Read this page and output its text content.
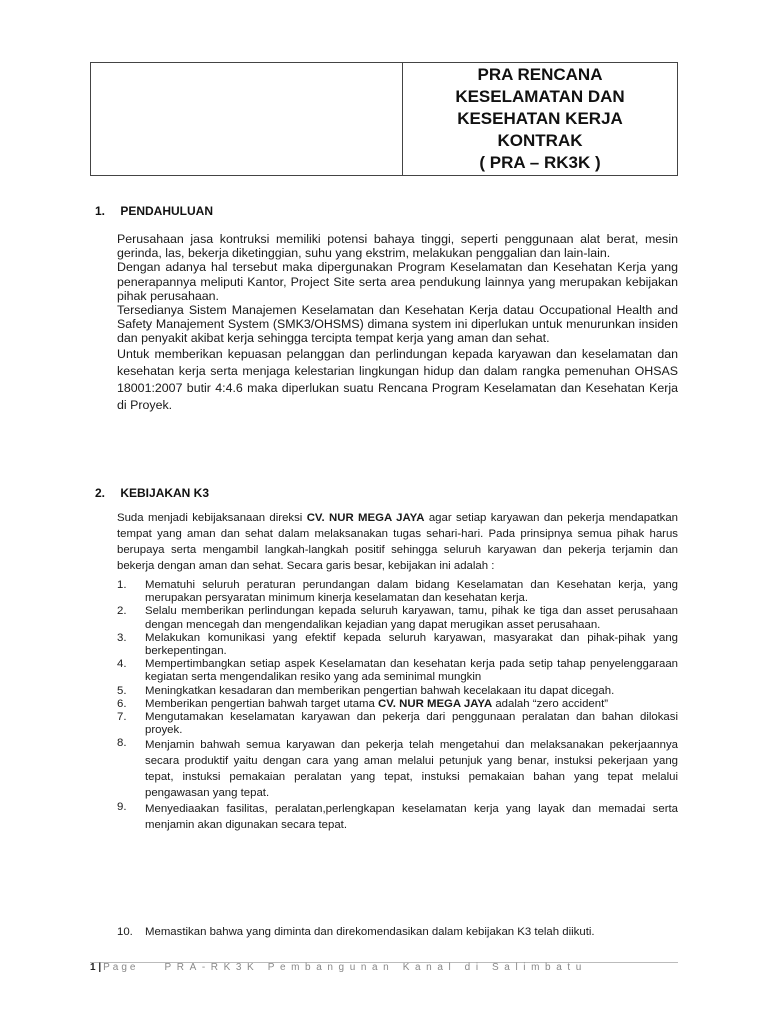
PRA RENCANA
KESELAMATAN DAN
KESEHATAN KERJA
KONTRAK
( PRA – RK3K )
1. PENDAHULUAN

Perusahaan jasa kontruksi memiliki potensi bahaya tinggi, seperti penggunaan alat berat, mesin gerinda, las, bekerja diketinggian, suhu yang ekstrim, melakukan penggalian dan lain-lain.

Dengan adanya hal tersebut maka dipergunakan Program Keselamatan dan Kesehatan Kerja yang penerapannya meliputi Kantor, Project Site serta area pendukung lainnya yang merupakan kebijakan pihak perusahaan.

Tersedianya Sistem Manajemen Keselamatan dan Kesehatan Kerja datau Occupational Health and Safety Manajement System (SMK3/OHSMS) dimana system ini diperlukan untuk menurunkan insiden dan penyakit akibat kerja sehingga tercipta tempat kerja yang aman dan sehat.

Untuk memberikan kepuasan pelanggan dan perlindungan kepada karyawan dan keselamatan dan kesehatan kerja serta menjaga kelestarian lingkungan hidup dan dalam rangka pemenuhan OHSAS 18001:2007 butir 4:4.6 maka diperlukan suatu Rencana Program Keselamatan dan Kesehatan Kerja di Proyek.

2. KEBIJAKAN K3
Suda menjadi kebijaksanaan direksi CV. NUR MEGA JAYA agar setiap karyawan dan pekerja mendapatkan tempat yang aman dan sehat dalam melaksanakan tugas sehari-hari. Pada prinsipnya semua pihak harus berupaya serta mengambil langkah-langkah positif sehingga seluruh karyawan dan pekerja terjamin dan bekerja dengan aman dan sehat. Secara garis besar, kebijakan ini adalah :
1.	Mematuhi seluruh peraturan perundangan dalam bidang Keselamatan dan Kesehatan kerja, yang merupakan persyaratan minimum kinerja keselamatan dan kesehatan kerja.
2.	Selalu memberikan perlindungan kepada seluruh karyawan, tamu, pihak ke tiga dan asset perusahaan dengan mencegah dan mengendalikan kejadian yang dapat merugikan asset perusahaan.
3.	Melakukan komunikasi yang efektif kepada seluruh karyawan, masyarakat dan pihak-pihak yang berkepentingan.
4.	Mempertimbangkan setiap aspek Keselamatan dan kesehatan kerja pada setip tahap penyelenggaraan kegiatan serta mengendalikan resiko yang ada seminimal mungkin
5.	Meningkatkan kesadaran dan memberikan pengertian bahwah kecelakaan itu dapat dicegah.
6.	Memberikan pengertian bahwah target utama CV. NUR MEGA JAYA adalah “zero accident”
7.	Mengutamakan keselamatan karyawan dan pekerja dari penggunaan peralatan dan bahan dilokasi proyek.
8.	Menjamin bahwah semua karyawan dan pekerja telah mengetahui dan melaksanakan pekerjaannya secara produktif yaitu dengan cara yang aman melalui petunjuk yang benar, instuksi pekerjaan yang tepat, instuksi pemakaian peralatan yang tepat, instuksi pemakaian bahan yang tepat melalui pengawasan yang tepat.
9.	Menyediaakan fasilitas, peralatan,perlengkapan keselamatan kerja yang layak dan memadai serta menjamin akan digunakan secara tepat.
10.	Memastikan bahwa yang diminta dan direkomendasikan dalam kebijakan K3 telah diikuti.
1 | Page	PRA-RK3K Pembangunan Kanal di Salimbatu
